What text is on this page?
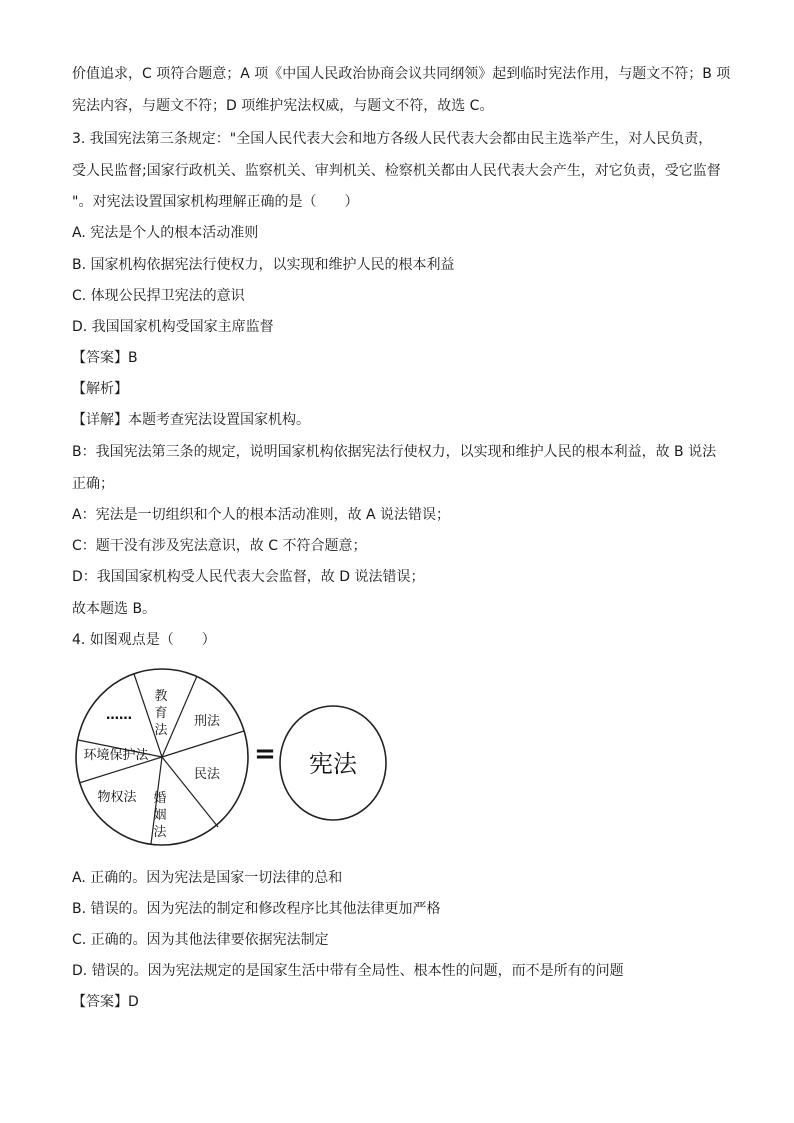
价值追求，C 项符合题意；A 项《中国人民政治协商会议共同纲领》起到临时宪法作用，与题文不符；B 项
宪法内容，与题文不符；D 项维护宪法权威，与题文不符，故选 C。
3. 我国宪法第三条规定："全国人民代表大会和地方各级人民代表大会都由民主选举产生，对人民负责，
受人民监督;国家行政机关、监察机关、审判机关、检察机关都由人民代表大会产生，对它负责，受它监督
"。对宪法设置国家机构理解正确的是（　　）
A. 宪法是个人的根本活动准则
B. 国家机构依据宪法行使权力，以实现和维护人民的根本利益
C. 体现公民捍卫宪法的意识
D. 我国国家机构受国家主席监督
【答案】B
【解析】
【详解】本题考查宪法设置国家机构。
B：我国宪法第三条的规定，说明国家机构依据宪法行使权力，以实现和维护人民的根本利益，故 B 说法
正确；
A：宪法是一切组织和个人的根本活动准则，故 A 说法错误；
C：题干没有涉及宪法意识，故 C 不符合题意；
D：我国国家机构受人民代表大会监督，故 D 说法错误；
故本题选 B。
4. 如图观点是（　　）
教
育
法
刑法
民法
婚
姻
法
物权法
环境保护法
……
= 宪法
A. 正确的。因为宪法是国家一切法律的总和
B. 错误的。因为宪法的制定和修改程序比其他法律更加严格
C. 正确的。因为其他法律要依据宪法制定
D. 错误的。因为宪法规定的是国家生活中带有全局性、根本性的问题，而不是所有的问题
【答案】D
